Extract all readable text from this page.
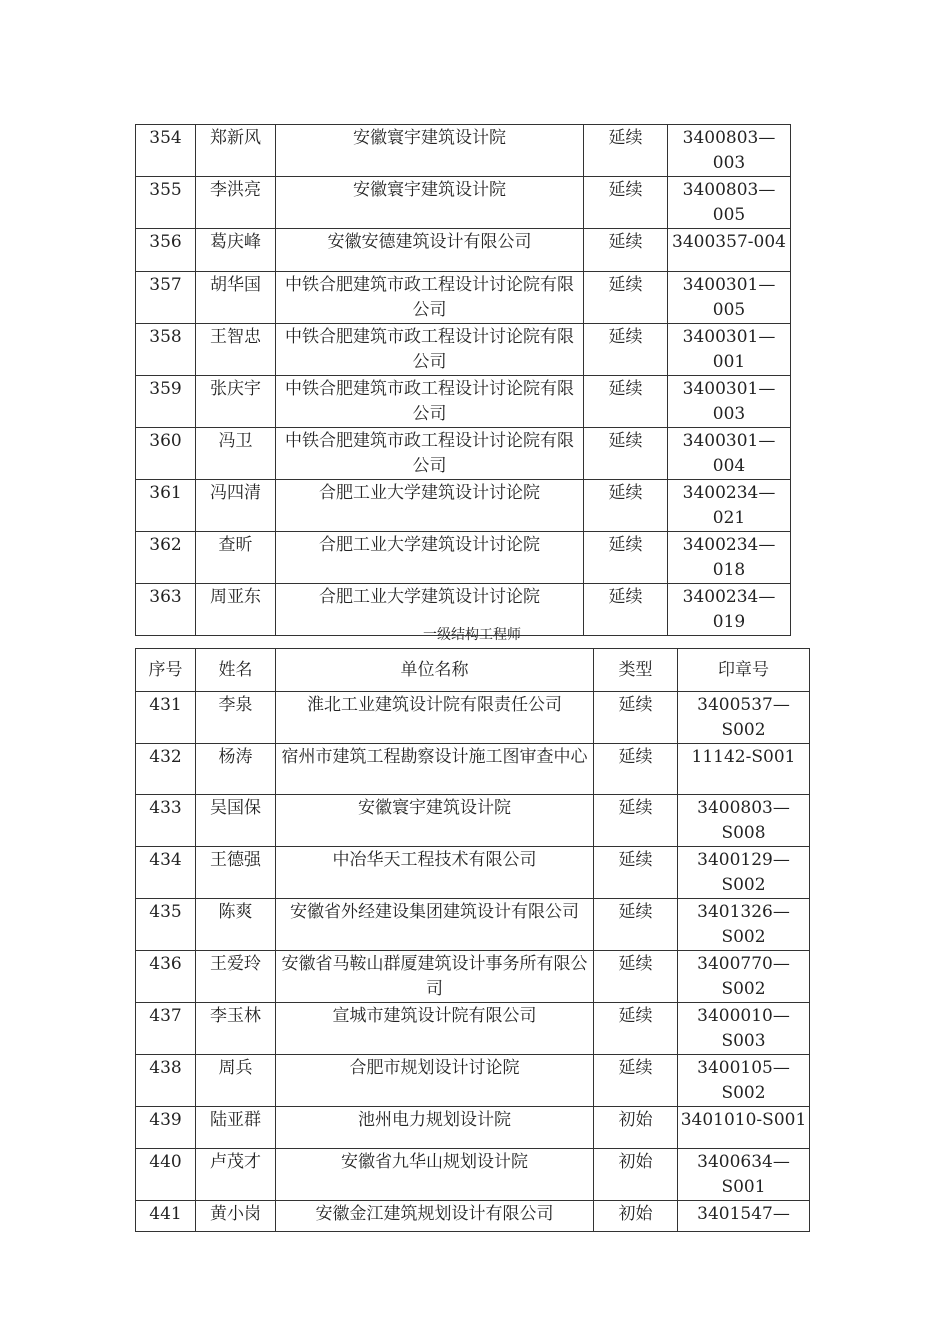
354	郑新风	安徽寰宇建筑设计院	延续	3400803—003
355	李洪亮	安徽寰宇建筑设计院	延续	3400803—005
356	葛庆峰	安徽安德建筑设计有限公司	延续	3400357-004
357	胡华国	中铁合肥建筑市政工程设计讨论院有限公司	延续	3400301—005
358	王智忠	中铁合肥建筑市政工程设计讨论院有限公司	延续	3400301—001
359	张庆宇	中铁合肥建筑市政工程设计讨论院有限公司	延续	3400301—003
360	冯卫	中铁合肥建筑市政工程设计讨论院有限公司	延续	3400301—004
361	冯四清	合肥工业大学建筑设计讨论院	延续	3400234—021
362	查昕	合肥工业大学建筑设计讨论院	延续	3400234—018
363	周亚东	合肥工业大学建筑设计讨论院	延续	3400234—019
一级结构工程师
序号	姓名	单位名称	类型	印章号
431	李泉	淮北工业建筑设计院有限责任公司	延续	3400537—S002
432	杨涛	宿州市建筑工程勘察设计施工图审查中心	延续	11142-S001
433	吴国保	安徽寰宇建筑设计院	延续	3400803—S008
434	王德强	中冶华天工程技术有限公司	延续	3400129—S002
435	陈爽	安徽省外经建设集团建筑设计有限公司	延续	3401326—S002
436	王爱玲	安徽省马鞍山群厦建筑设计事务所有限公司	延续	3400770—S002
437	李玉林	宣城市建筑设计院有限公司	延续	3400010—S003
438	周兵	合肥市规划设计讨论院	延续	3400105—S002
439	陆亚群	池州电力规划设计院	初始	3401010-S001
440	卢茂才	安徽省九华山规划设计院	初始	3400634—S001
441	黄小岗	安徽金江建筑规划设计有限公司	初始	3401547—
